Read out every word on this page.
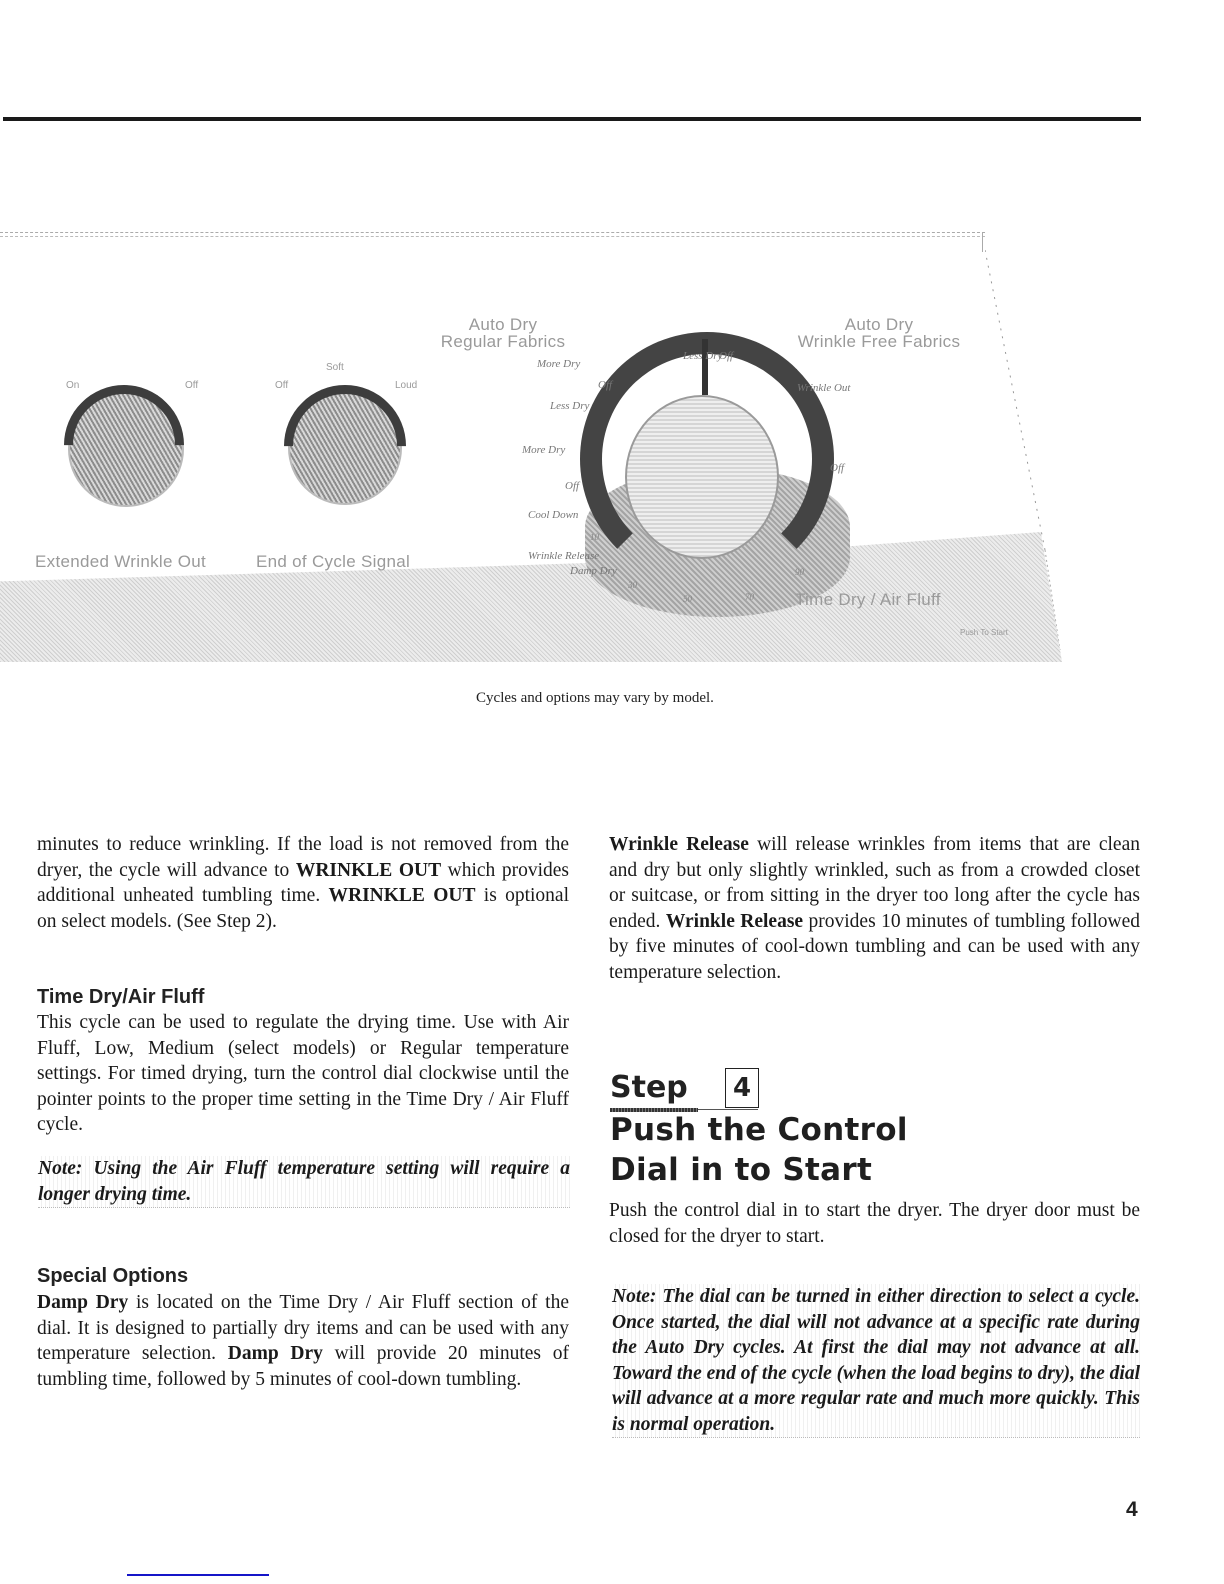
On	Off
Extended Wrinkle Out
Off
Soft
Loud
End of Cycle Signal
Auto Dry
Regular Fabrics
Auto Dry
Wrinkle Free Fabrics
More Dry
Off
Less Dry
More Dry
Off
Less Dry
Off
Wrinkle Out
Off
Cool Down
10
Wrinkle Release
Damp Dry
30
50	70
90
Time Dry / Air Fluff
Push To Start
Cycles and options may vary by model.
minutes to reduce wrinkling. If the load is not removed from the dryer, the cycle will advance to WRINKLE OUT which provides additional unheated tumbling time. WRINKLE OUT is optional on select models. (See Step 2).
Time Dry/Air Fluff
This cycle can be used to regulate the drying time. Use with Air Fluff, Low, Medium (select models) or Regular temperature settings. For timed drying, turn the control dial clockwise until the pointer points to the proper time setting in the Time Dry / Air Fluff cycle.
Note: Using the Air Fluff temperature setting will require a longer drying time.
Special Options
Damp Dry is located on the Time Dry / Air Fluff section of the dial. It is designed to partially dry items and can be used with any temperature selection. Damp Dry will provide 20 minutes of tumbling time, followed by 5 minutes of cool-down tumbling.
Wrinkle Release will release wrinkles from items that are clean and dry but only slightly wrinkled, such as from a crowded closet or suitcase, or from sitting in the dryer too long after the cycle has ended. Wrinkle Release provides 10 minutes of tumbling followed by five minutes of cool-down tumbling and can be used with any temperature selection.
Step	4
Push the Control
Dial in to Start
Push the control dial in to start the dryer. The dryer door must be closed for the dryer to start.
Note: The dial can be turned in either direction to select a cycle. Once started, the dial will not advance at a specific rate during the Auto Dry cycles. At first the dial may not advance at all. Toward the end of the cycle (when the load begins to dry), the dial will advance at a more regular rate and much more quickly. This is normal operation.
4
